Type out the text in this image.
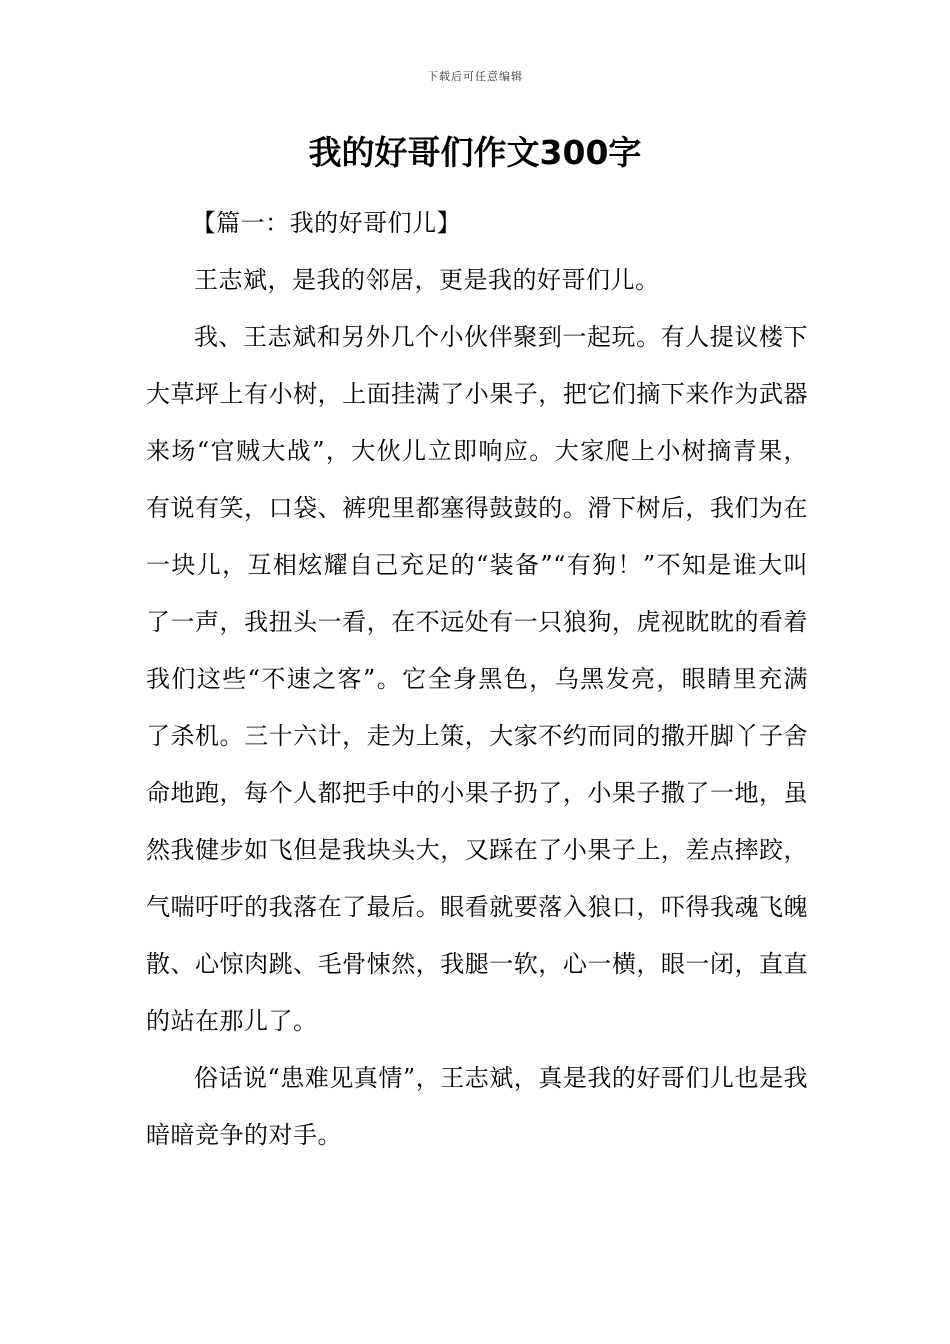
下载后可任意编辑
我的好哥们作文300字

【篇一：我的好哥们儿】

王志斌，是我的邻居，更是我的好哥们儿。

我、王志斌和另外几个小伙伴聚到一起玩。有人提议楼下大草坪上有小树，上面挂满了小果子，把它们摘下来作为武器来场“官贼大战”，大伙儿立即响应。大家爬上小树摘青果，有说有笑，口袋、裤兜里都塞得鼓鼓的。滑下树后，我们为在一块儿，互相炫耀自己充足的“装备”“有狗！”不知是谁大叫了一声，我扭头一看，在不远处有一只狼狗，虎视眈眈的看着我们这些“不速之客”。它全身黑色，乌黑发亮，眼睛里充满了杀机。三十六计，走为上策，大家不约而同的撒开脚丫子舍命地跑，每个人都把手中的小果子扔了，小果子撒了一地，虽然我健步如飞但是我块头大，又踩在了小果子上，差点摔跤，气喘吁吁的我落在了最后。眼看就要落入狼口，吓得我魂飞魄散、心惊肉跳、毛骨悚然，我腿一软，心一横，眼一闭，直直的站在那儿了。

俗话说“患难见真情”，王志斌，真是我的好哥们儿也是我暗暗竞争的对手。
